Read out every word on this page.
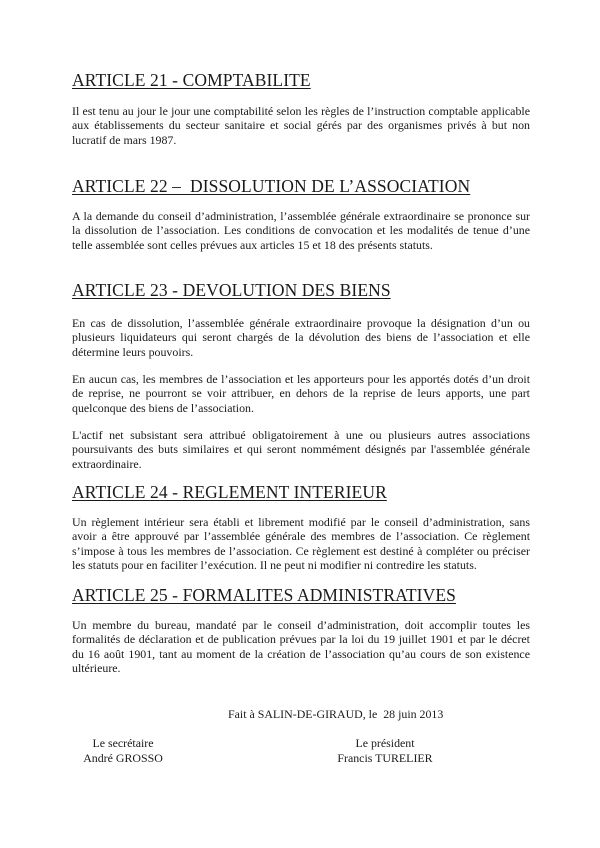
ARTICLE 21 - COMPTABILITE
Il est tenu au jour le jour une comptabilité selon les règles de l’instruction comptable applicable aux établissements du secteur sanitaire et social gérés par des organismes privés à but non lucratif de mars 1987.
ARTICLE 22 –  DISSOLUTION DE L’ASSOCIATION
A la demande du conseil d’administration, l’assemblée générale extraordinaire se prononce sur la dissolution de l’association. Les conditions de convocation et les modalités de tenue d’une telle assemblée sont celles prévues aux articles 15 et 18 des présents statuts.
ARTICLE 23 - DEVOLUTION DES BIENS
En cas de dissolution, l’assemblée générale extraordinaire provoque la désignation d’un ou plusieurs liquidateurs qui seront chargés de la dévolution des biens de l’association et elle détermine leurs pouvoirs.
En aucun cas, les membres de l’association et les apporteurs pour les apportés dotés d’un droit de reprise, ne pourront se voir attribuer, en dehors de la reprise de leurs apports, une part quelconque des biens de l’association.
L'actif net subsistant sera attribué obligatoirement à une ou plusieurs autres associations poursuivants des buts similaires et qui seront nommément désignés par l'assemblée générale extraordinaire.
ARTICLE 24 - REGLEMENT INTERIEUR
Un règlement intérieur sera établi et librement modifié par le conseil d’administration, sans avoir a être approuvé par l’assemblée générale des membres de l’association. Ce règlement s’impose à tous les membres de l’association. Ce règlement est destiné à compléter ou préciser les statuts pour en faciliter l’exécution. Il ne peut ni modifier ni contredire les statuts.
ARTICLE 25 - FORMALITES ADMINISTRATIVES
Un membre du bureau, mandaté par le conseil d’administration, doit accomplir toutes les formalités de déclaration et de publication prévues par la loi du 19 juillet 1901 et par le décret du 16 août 1901, tant au moment de la création de l’association qu’au cours de son existence ultérieure.
Fait à SALIN-DE-GIRAUD, le  28 juin 2013
Le secrétaire
André GROSSO
Le président
Francis TURELIER
